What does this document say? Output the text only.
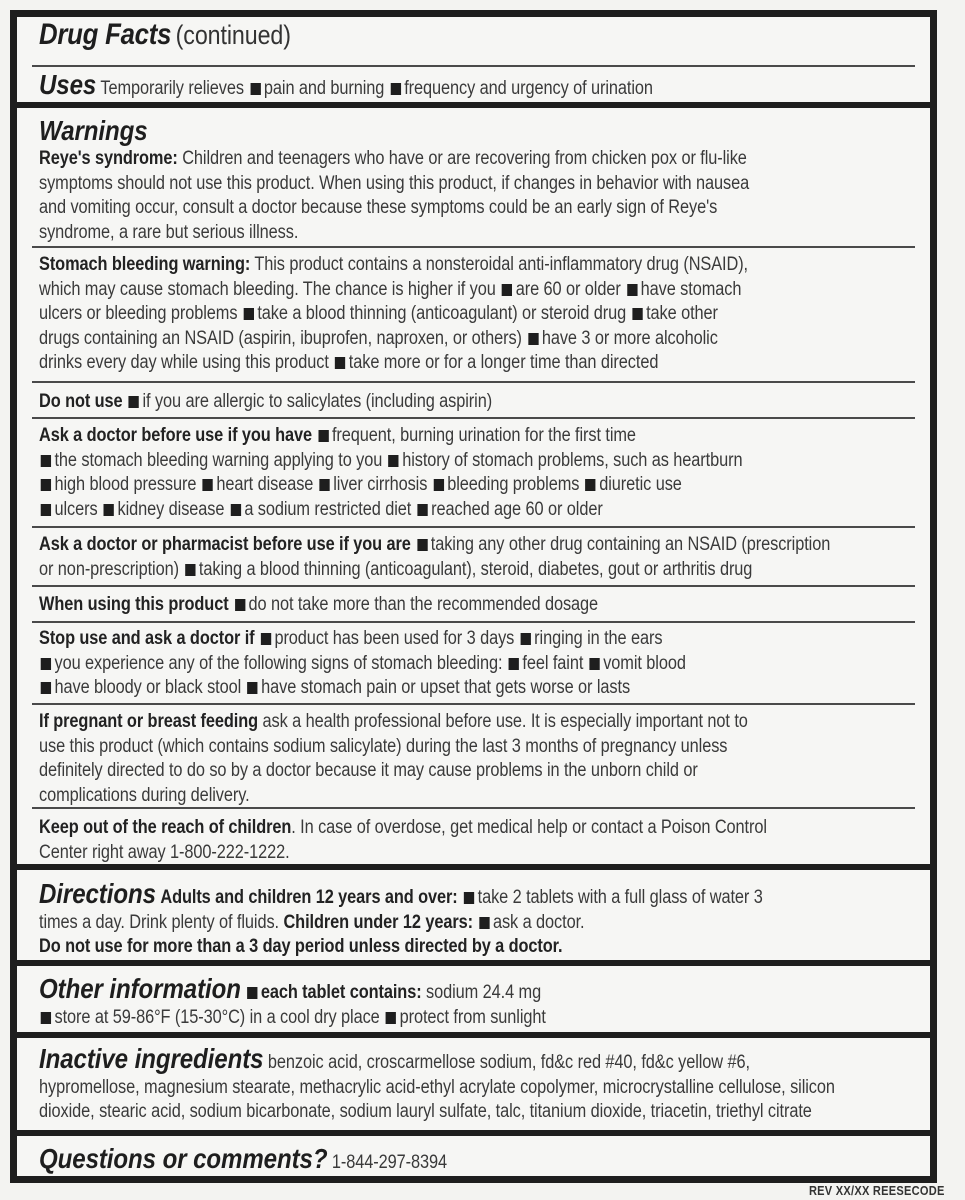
Drug Facts (continued)
Uses Temporarily relieves pain and burning frequency and urgency of urination
Warnings
Reye's syndrome: Children and teenagers who have or are recovering from chicken pox or flu-like
symptoms should not use this product. When using this product, if changes in behavior with nausea
and vomiting occur, consult a doctor because these symptoms could be an early sign of Reye's
syndrome, a rare but serious illness.
Stomach bleeding warning: This product contains a nonsteroidal anti-inflammatory drug (NSAID),
which may cause stomach bleeding. The chance is higher if you are 60 or older have stomach
ulcers or bleeding problems take a blood thinning (anticoagulant) or steroid drug take other
drugs containing an NSAID (aspirin, ibuprofen, naproxen, or others) have 3 or more alcoholic
drinks every day while using this product take more or for a longer time than directed
Do not use if you are allergic to salicylates (including aspirin)
Ask a doctor before use if you have frequent, burning urination for the first time
the stomach bleeding warning applying to you history of stomach problems, such as heartburn
high blood pressure heart disease liver cirrhosis bleeding problems diuretic use
ulcers kidney disease a sodium restricted diet reached age 60 or older
Ask a doctor or pharmacist before use if you are taking any other drug containing an NSAID (prescription
or non-prescription) taking a blood thinning (anticoagulant), steroid, diabetes, gout or arthritis drug
When using this product do not take more than the recommended dosage
Stop use and ask a doctor if product has been used for 3 days ringing in the ears
you experience any of the following signs of stomach bleeding: feel faint vomit blood
have bloody or black stool have stomach pain or upset that gets worse or lasts
If pregnant or breast feeding ask a health professional before use. It is especially important not to
use this product (which contains sodium salicylate) during the last 3 months of pregnancy unless
definitely directed to do so by a doctor because it may cause problems in the unborn child or
complications during delivery.
Keep out of the reach of children. In case of overdose, get medical help or contact a Poison Control
Center right away 1-800-222-1222.
Directions Adults and children 12 years and over: take 2 tablets with a full glass of water 3
times a day. Drink plenty of fluids. Children under 12 years: ask a doctor.
Do not use for more than a 3 day period unless directed by a doctor.
Other information each tablet contains: sodium 24.4 mg
store at 59-86°F (15-30°C) in a cool dry place protect from sunlight
Inactive ingredients benzoic acid, croscarmellose sodium, fd&c red #40, fd&c yellow #6,
hypromellose, magnesium stearate, methacrylic acid-ethyl acrylate copolymer, microcrystalline cellulose, silicon
dioxide, stearic acid, sodium bicarbonate, sodium lauryl sulfate, talc, titanium dioxide, triacetin, triethyl citrate
Questions or comments? 1-844-297-8394
REV XX/XX REESECODE
